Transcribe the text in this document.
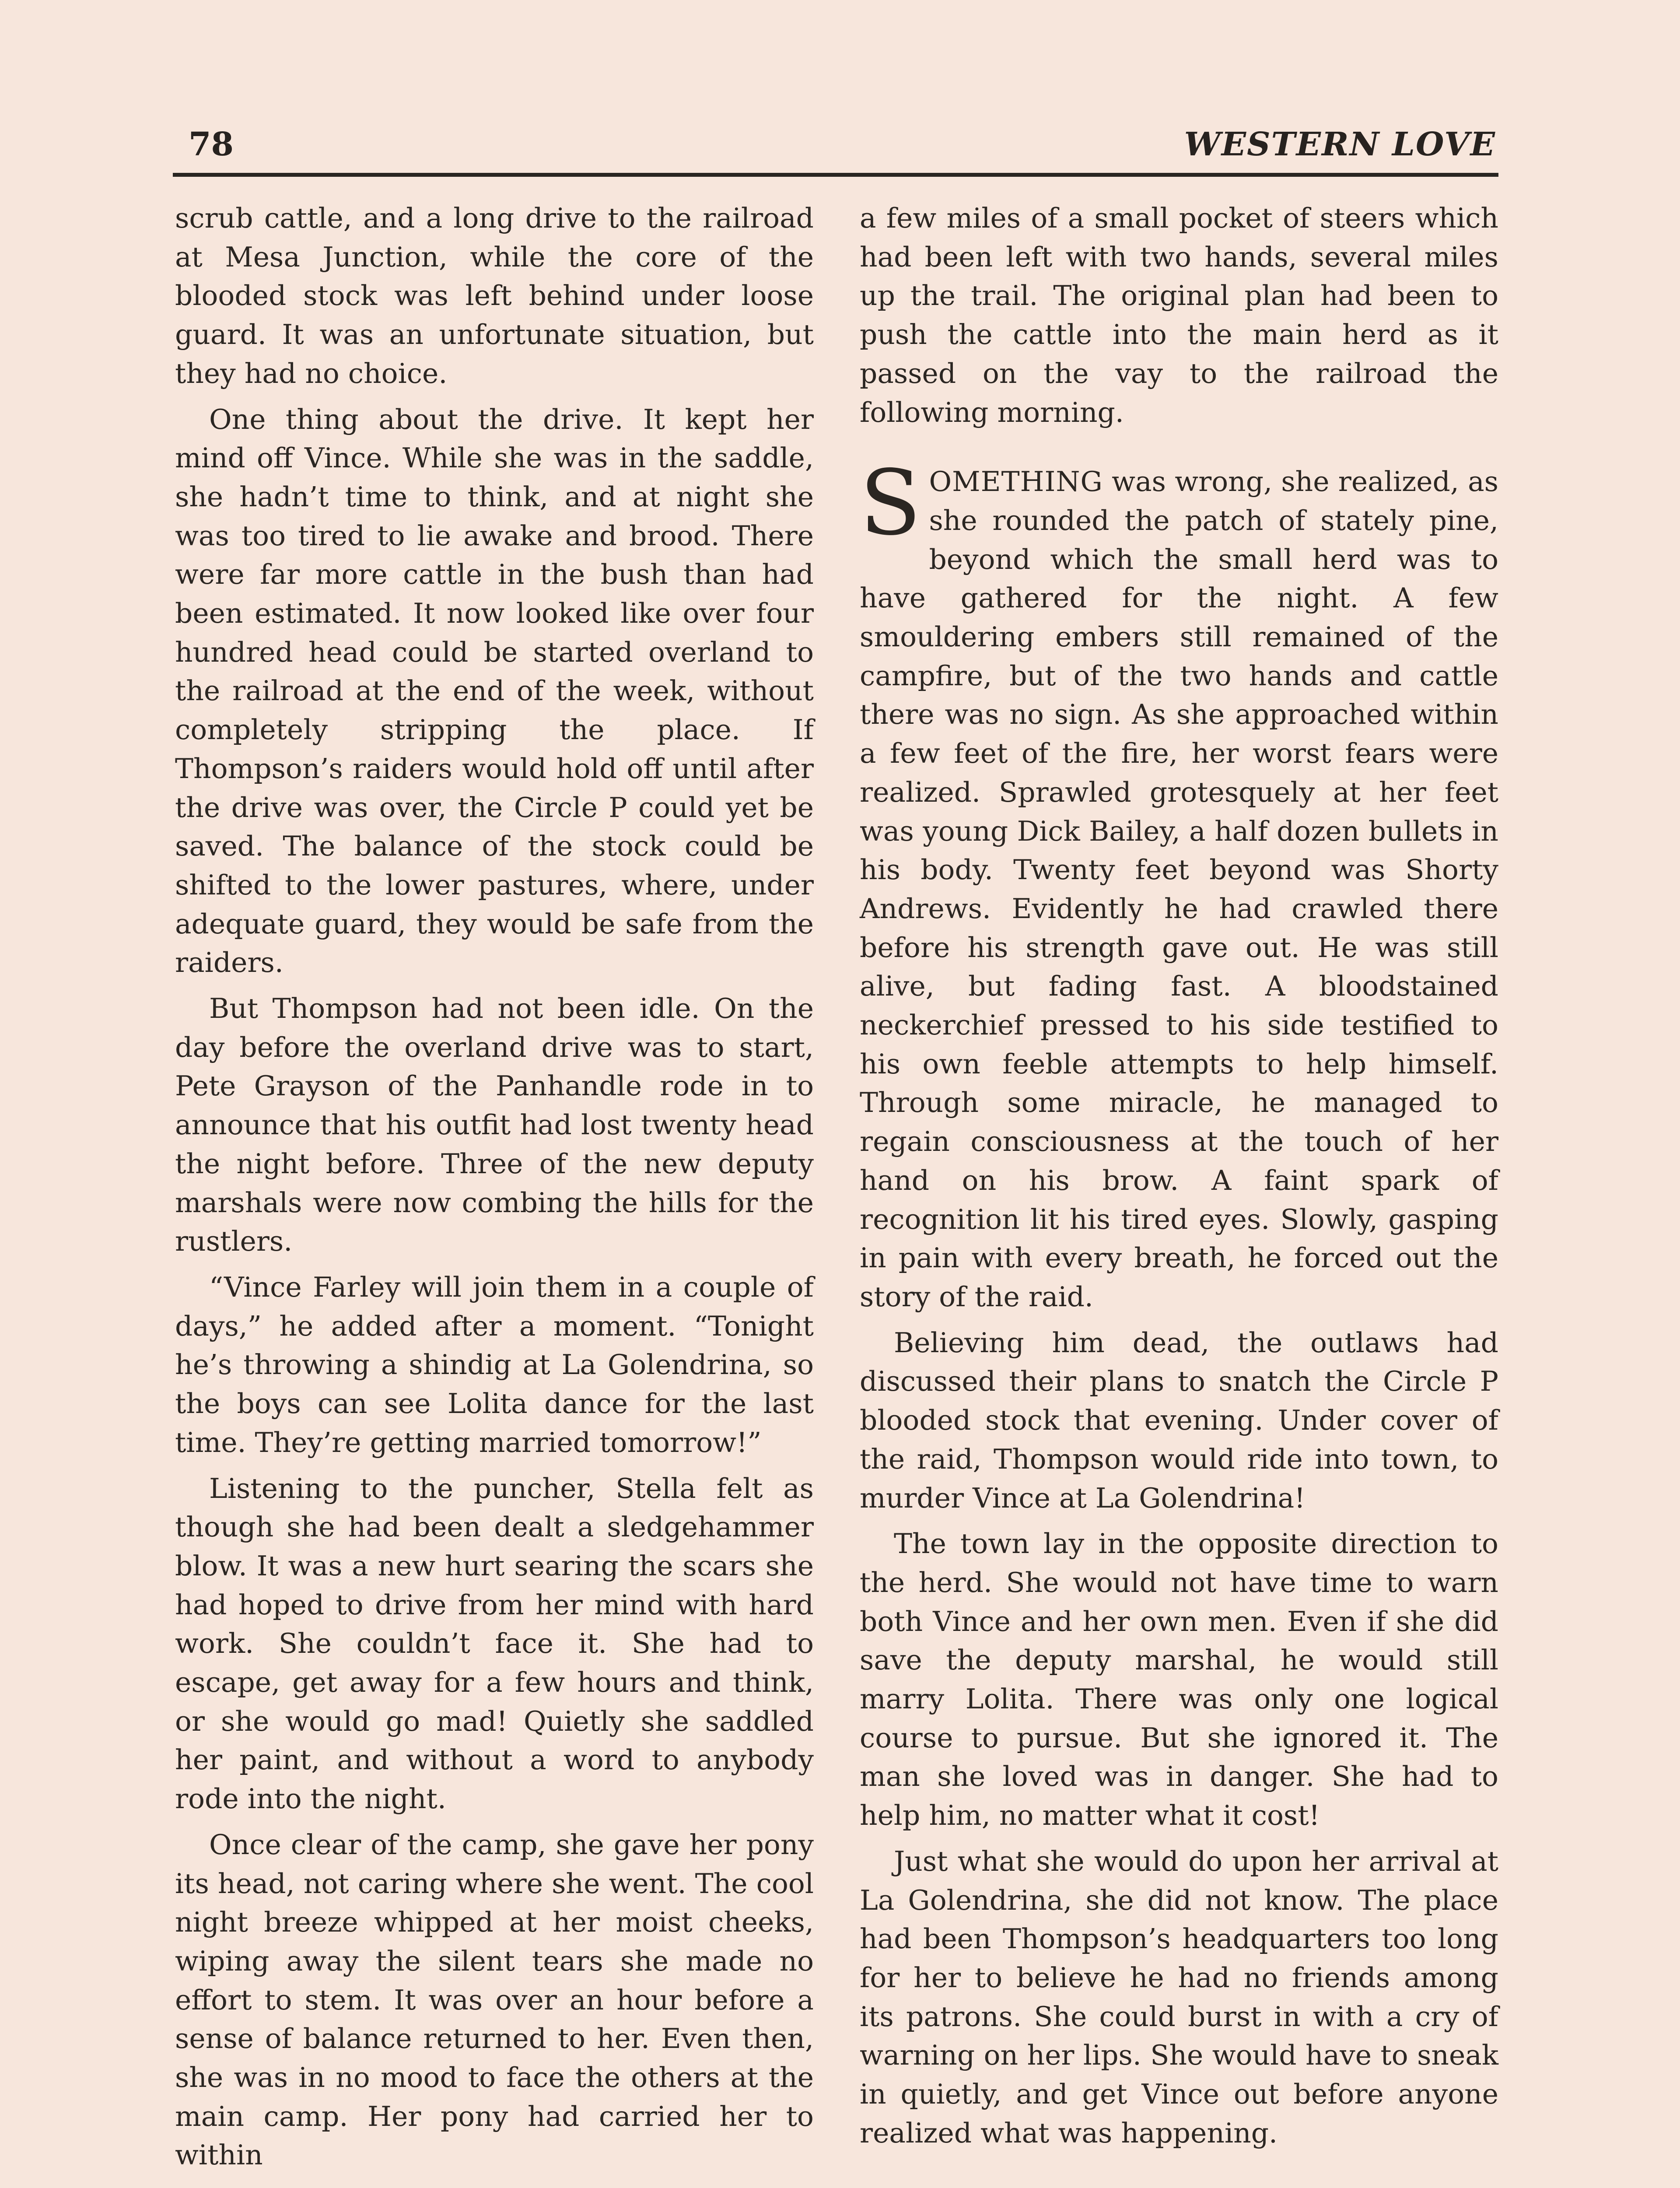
78	WESTERN LOVE

scrub cattle, and a long drive to the railroad at Mesa Junction, while the core of the blooded stock was left behind under loose guard. It was an unfortunate situation, but they had no choice.

One thing about the drive. It kept her mind off Vince. While she was in the saddle, she hadn’t time to think, and at night she was too tired to lie awake and brood. There were far more cattle in the bush than had been estimated. It now looked like over four hundred head could be started overland to the railroad at the end of the week, without completely stripping the place. If Thompson’s raiders would hold off until after the drive was over, the Circle P could yet be saved. The balance of the stock could be shifted to the lower pastures, where, under adequate guard, they would be safe from the raiders.

But Thompson had not been idle. On the day before the overland drive was to start, Pete Grayson of the Panhandle rode in to announce that his outfit had lost twenty head the night before. Three of the new deputy marshals were now combing the hills for the rustlers.

“Vince Farley will join them in a couple of days,” he added after a moment. “Tonight he’s throwing a shindig at La Golendrina, so the boys can see Lolita dance for the last time. They’re getting married tomorrow!”

Listening to the puncher, Stella felt as though she had been dealt a sledgehammer blow. It was a new hurt searing the scars she had hoped to drive from her mind with hard work. She couldn’t face it. She had to escape, get away for a few hours and think, or she would go mad! Quietly she saddled her paint, and without a word to anybody rode into the night.

Once clear of the camp, she gave her pony its head, not caring where she went. The cool night breeze whipped at her moist cheeks, wiping away the silent tears she made no effort to stem. It was over an hour before a sense of balance returned to her. Even then, she was in no mood to face the others at the main camp. Her pony had carried her to within

a few miles of a small pocket of steers which had been left with two hands, several miles up the trail. The original plan had been to push the cattle into the main herd as it passed on the vay to the railroad the following morning.

SOMETHING was wrong, she realized, as she rounded the patch of stately pine, beyond which the small herd was to have gathered for the night. A few smouldering embers still remained of the campfire, but of the two hands and cattle there was no sign. As she approached within a few feet of the fire, her worst fears were realized. Sprawled grotesquely at her feet was young Dick Bailey, a half dozen bullets in his body. Twenty feet beyond was Shorty Andrews. Evidently he had crawled there before his strength gave out. He was still alive, but fading fast. A bloodstained neckerchief pressed to his side testified to his own feeble attempts to help himself. Through some miracle, he managed to regain consciousness at the touch of her hand on his brow. A faint spark of recognition lit his tired eyes. Slowly, gasping in pain with every breath, he forced out the story of the raid.

Believing him dead, the outlaws had discussed their plans to snatch the Circle P blooded stock that evening. Under cover of the raid, Thompson would ride into town, to murder Vince at La Golendrina!

The town lay in the opposite direction to the herd. She would not have time to warn both Vince and her own men. Even if she did save the deputy marshal, he would still marry Lolita. There was only one logical course to pursue. But she ignored it. The man she loved was in danger. She had to help him, no matter what it cost!

Just what she would do upon her arrival at La Golendrina, she did not know. The place had been Thompson’s headquarters too long for her to believe he had no friends among its patrons. She could burst in with a cry of warning on her lips. She would have to sneak in quietly, and get Vince out before anyone realized what was happening.
